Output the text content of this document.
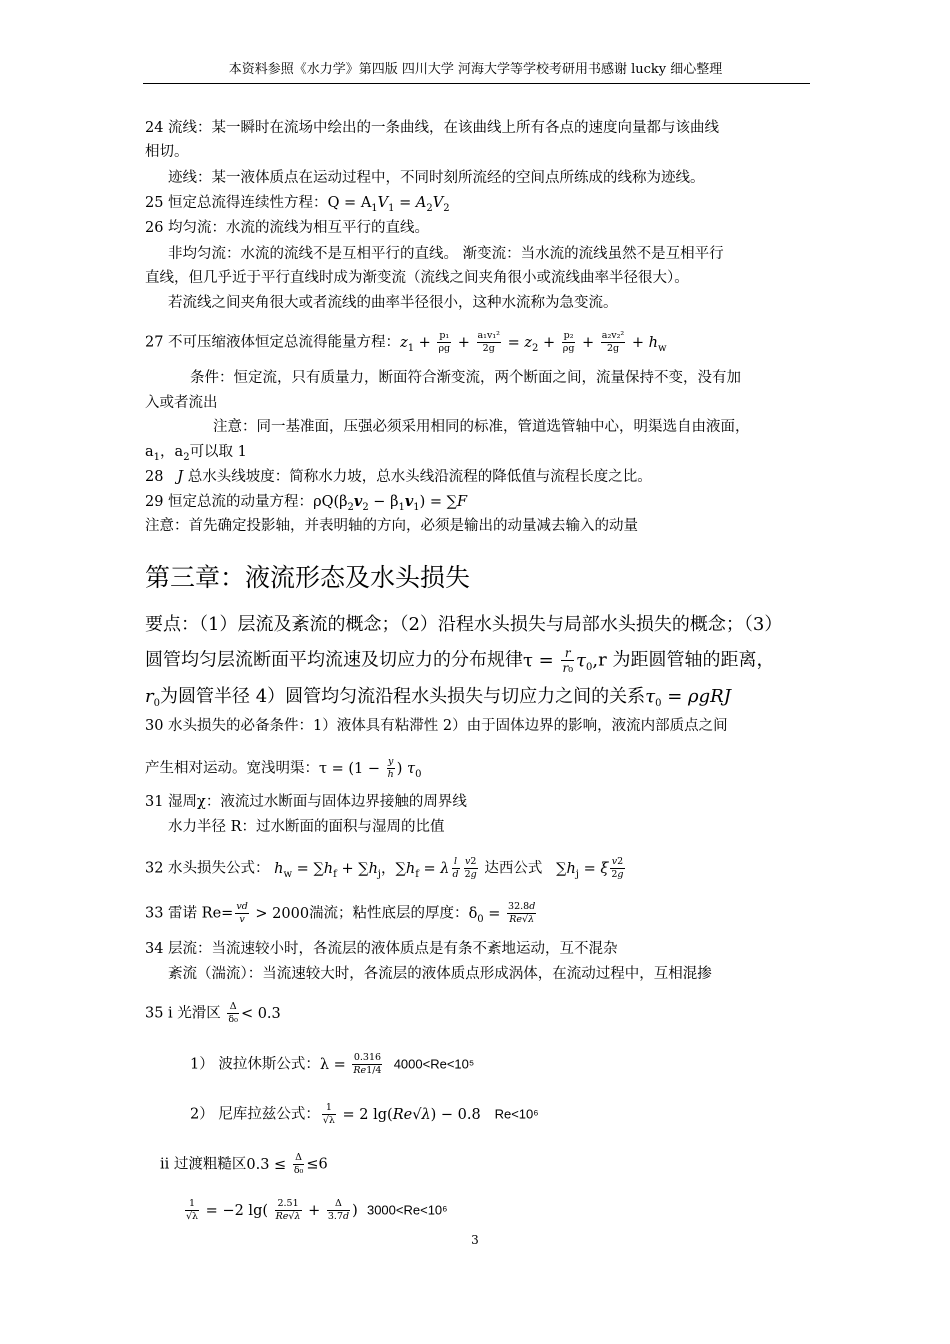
本资料参照《水力学》第四版 四川大学 河海大学等学校考研用书感谢 lucky 细心整理
24 流线：某一瞬时在流场中绘出的一条曲线，在该曲线上所有各点的速度向量都与该曲线
相切。
迹线：某一液体质点在运动过程中，不同时刻所流经的空间点所练成的线称为迹线。
25 恒定总流得连续性方程：$Q = A_1V_1 = A_2V_2$
26 均匀流：水流的流线为相互平行的直线。
非均匀流：水流的流线不是互相平行的直线。 渐变流：当水流的流线虽然不是互相平行
直线，但几乎近于平行直线时成为渐变流（流线之间夹角很小或流线曲率半径很大）。
若流线之间夹角很大或者流线的曲率半径很小，这种水流称为急变流。
27 不可压缩液体恒定总流得能量方程：$z_1 + \frac{\text{p₁}}{\rho g} + \frac{\text{a₁v₁²}}{2g} = z_2 + \frac{\text{p₂}}{\rho g} + \frac{\text{a₂v₂²}}{2g} + h_w$
条件：恒定流，只有质量力，断面符合渐变流，两个断面之间，流量保持不变，没有加
入或者流出
注意：同一基准面，压强必须采用相同的标准，管道选管轴中心，明渠选自由液面，
$a_1$，$a_2$可以取 1
28   J 总水头线坡度：简称水力坡，总水头线沿流程的降低值与流程长度之比。
29 恒定总流的动量方程：$\rho Q(\beta_2v_2 - \beta_1v_1) = \sum F$
注意：首先确定投影轴，并表明轴的方向，必须是输出的动量减去输入的动量
第三章：液流形态及水头损失
要点：（1）层流及紊流的概念；（2）沿程水头损失与局部水头损失的概念；（3）
圆管均匀层流断面平均流速及切应力的分布规律$\tau = \frac{r}{\text{r₀}} \tau_0,r$ 为距圆管轴的距离，
$r_0$为圆管半径 4）圆管均匀流沿程水头损失与切应力之间的关系$\tau_0 = \rho gRJ$
30 水头损失的必备条件：1）液体具有粘滞性 2）由于固体边界的影响，液流内部质点之间
产生相对运动。宽浅明渠：$\tau = (1 - \frac{y}{h}$ ) $\tau_0$
31 湿周χ：液流过水断面与固体边界接触的周界线
水力半径 R：过水断面的面积与湿周的比值
32 水头损失公式： $h_w = \sum h_f + \sum h_j$，$\sum h_f = \lambda \frac{l}{d} \frac{v2}{2g}$ 达西公式 $\sum h_j = \xi \frac{v2}{2g}$
33 雷诺 $Re= \frac{vd}{v} > 2000$湍流；粘性底层的厚度：$\delta_0 = \frac{32.8d}{Re√\lambda}$
34 层流：当流速较小时，各流层的液体质点是有条不紊地运动，互不混杂
紊流（湍流）：当流速较大时，各流层的液体质点形成涡体，在流动过程中，互相混掺
35 i 光滑区 $\frac{\Delta}{\text{δ₀}} < 0.3$
1） 波拉休斯公式：$\lambda = \frac{0.316}{Re1/4} 4000<Re<10^5$
2） 尼库拉兹公式： $\frac{1}{√\lambda} = 2$ lg(Re√λ) − 0.8 Re<10⁶
ii 过渡粗糙区$0.3 \le \frac{\Delta}{\text{δ₀}} \le 6$
$\frac{1}{√\lambda} = -2$ $\lg( \frac{2.51}{Re√\lambda} + \frac{\Delta}{3.7d}$ ) 3000<Re<10⁶
3
